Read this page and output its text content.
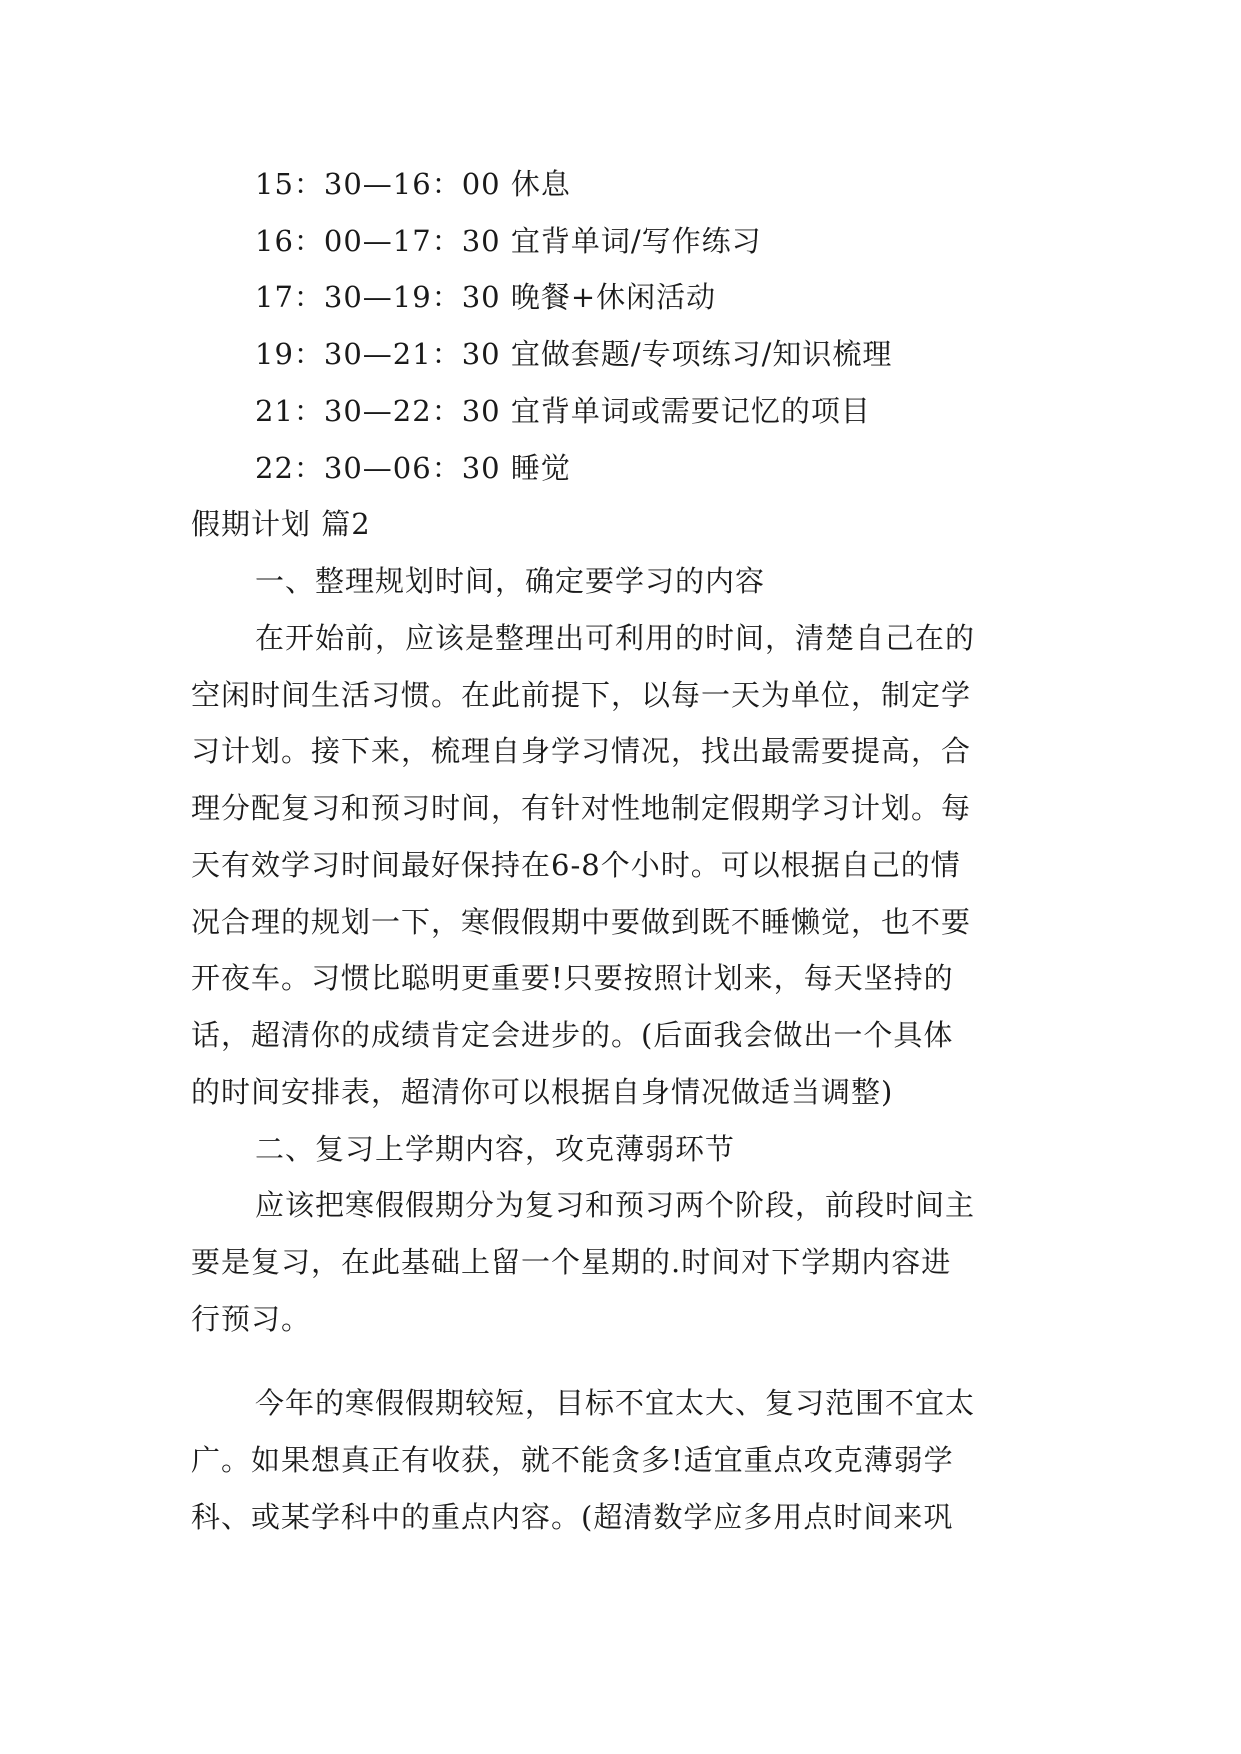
15：30—16：00 休息
16：00—17：30 宜背单词/写作练习
17：30—19：30 晚餐+休闲活动
19：30—21：30 宜做套题/专项练习/知识梳理
21：30—22：30 宜背单词或需要记忆的项目
22：30—06：30 睡觉
假期计划 篇2
一、整理规划时间，确定要学习的内容
在开始前，应该是整理出可利用的时间，清楚自己在的
空闲时间生活习惯。在此前提下，以每一天为单位，制定学
习计划。接下来，梳理自身学习情况，找出最需要提高，合
理分配复习和预习时间，有针对性地制定假期学习计划。每
天有效学习时间最好保持在6-8个小时。可以根据自己的情
况合理的规划一下，寒假假期中要做到既不睡懒觉，也不要
开夜车。习惯比聪明更重要!只要按照计划来，每天坚持的
话，超清你的成绩肯定会进步的。(后面我会做出一个具体
的时间安排表，超清你可以根据自身情况做适当调整)
二、复习上学期内容，攻克薄弱环节
应该把寒假假期分为复习和预习两个阶段，前段时间主
要是复习，在此基础上留一个星期的.时间对下学期内容进
行预习。
今年的寒假假期较短，目标不宜太大、复习范围不宜太
广。如果想真正有收获，就不能贪多!适宜重点攻克薄弱学
科、或某学科中的重点内容。(超清数学应多用点时间来巩
